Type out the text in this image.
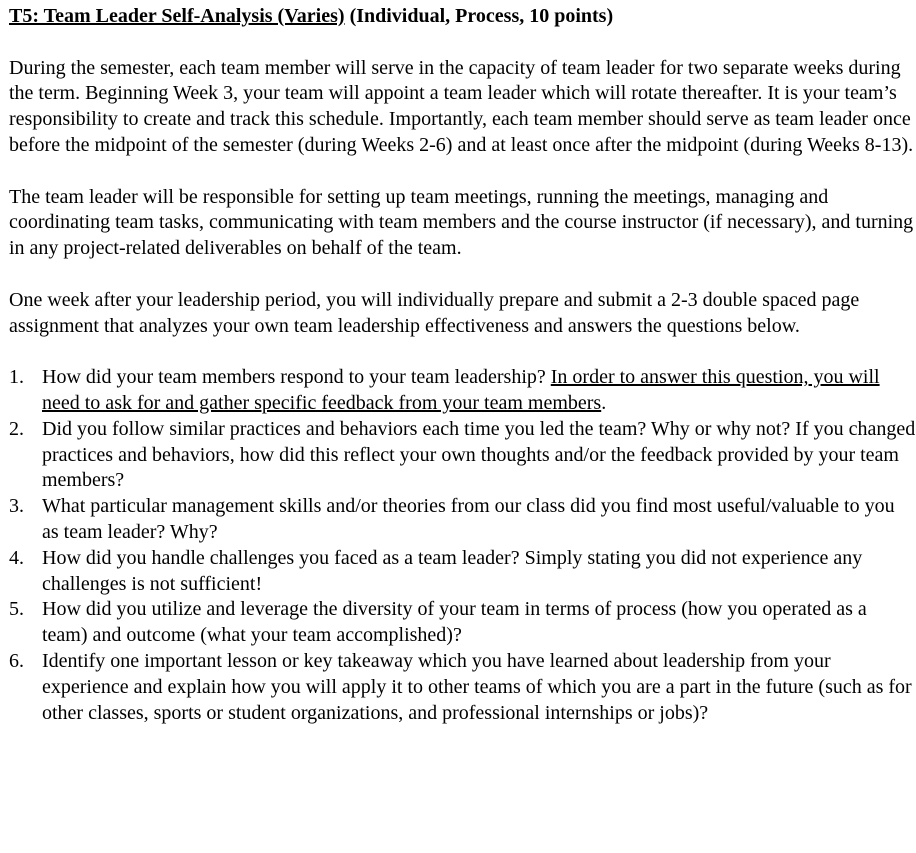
T5: Team Leader Self-Analysis (Varies) (Individual, Process, 10 points)

During the semester, each team member will serve in the capacity of team leader for two separate weeks during the term. Beginning Week 3, your team will appoint a team leader which will rotate thereafter. It is your team’s responsibility to create and track this schedule. Importantly, each team member should serve as team leader once before the midpoint of the semester (during Weeks 2-6) and at least once after the midpoint (during Weeks 8-13).

The team leader will be responsible for setting up team meetings, running the meetings, managing and coordinating team tasks, communicating with team members and the course instructor (if necessary), and turning in any project-related deliverables on behalf of the team.

One week after your leadership period, you will individually prepare and submit a 2-3 double spaced page assignment that analyzes your own team leadership effectiveness and answers the questions below.

1. How did your team members respond to your team leadership? In order to answer this question, you will need to ask for and gather specific feedback from your team members.
2. Did you follow similar practices and behaviors each time you led the team? Why or why not? If you changed practices and behaviors, how did this reflect your own thoughts and/or the feedback provided by your team members?
3. What particular management skills and/or theories from our class did you find most useful/valuable to you as team leader? Why?
4. How did you handle challenges you faced as a team leader? Simply stating you did not experience any challenges is not sufficient!
5. How did you utilize and leverage the diversity of your team in terms of process (how you operated as a team) and outcome (what your team accomplished)?
6. Identify one important lesson or key takeaway which you have learned about leadership from your experience and explain how you will apply it to other teams of which you are a part in the future (such as for other classes, sports or student organizations, and professional internships or jobs)?
